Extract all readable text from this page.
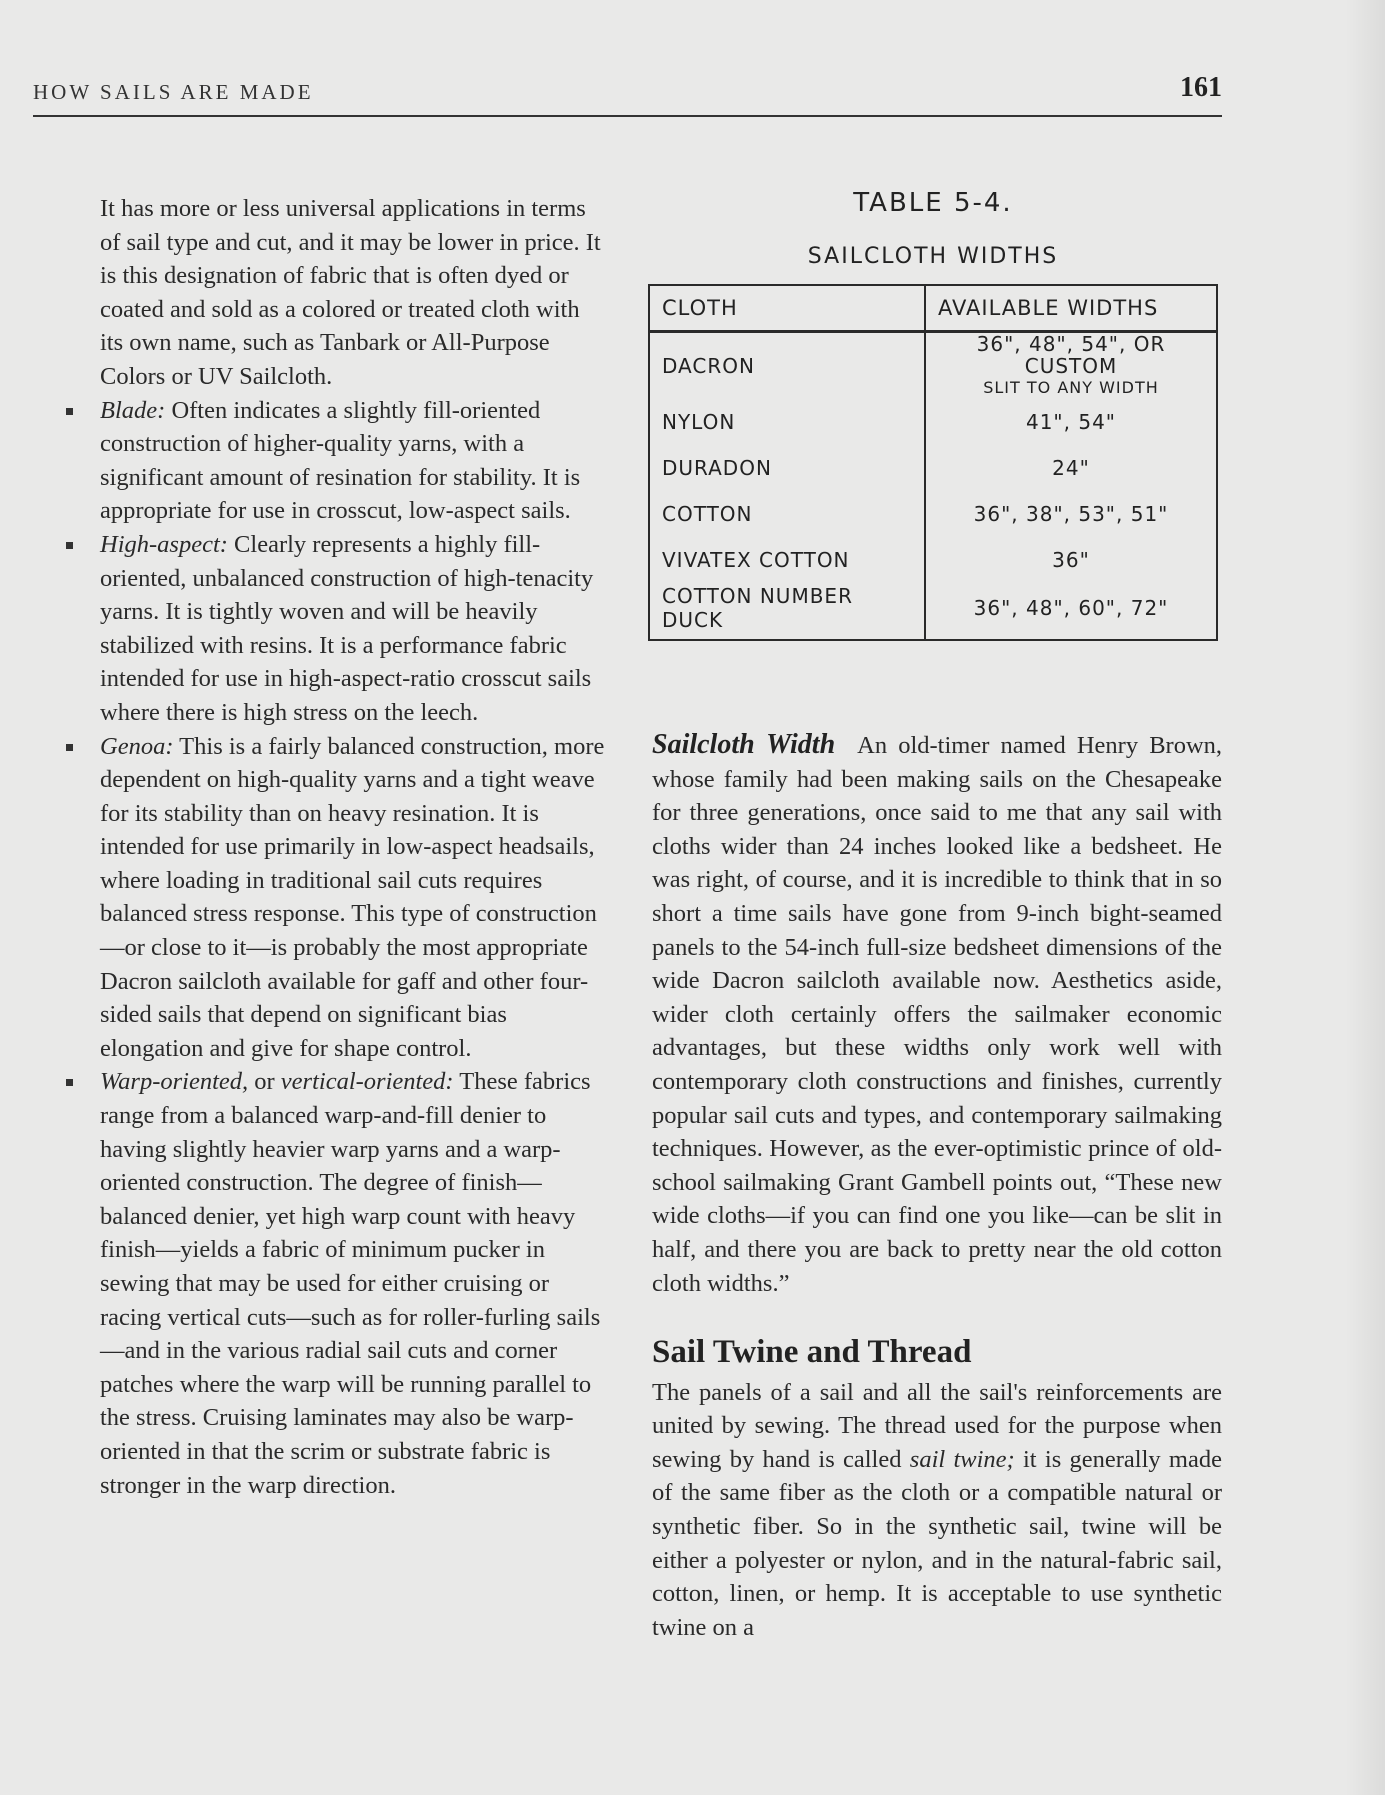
HOW SAILS ARE MADE	161

It has more or less universal applications in terms of sail type and cut, and it may be lower in price. It is this designation of fabric that is often dyed or coated and sold as a colored or treated cloth with its own name, such as Tanbark or All-Purpose Colors or UV Sailcloth.

Blade: Often indicates a slightly fill-oriented construction of higher-quality yarns, with a significant amount of resination for stability. It is appropriate for use in crosscut, low-aspect sails.
High-aspect: Clearly represents a highly fill-oriented, unbalanced construction of high-tenacity yarns. It is tightly woven and will be heavily stabilized with resins. It is a performance fabric intended for use in high-aspect-ratio crosscut sails where there is high stress on the leech.
Genoa: This is a fairly balanced construction, more dependent on high-quality yarns and a tight weave for its stability than on heavy resination. It is intended for use primarily in low-aspect headsails, where loading in traditional sail cuts requires balanced stress response. This type of construction—or close to it—is probably the most appropriate Dacron sailcloth available for gaff and other four-sided sails that depend on significant bias elongation and give for shape control.
Warp-oriented, or vertical-oriented: These fabrics range from a balanced warp-and-fill denier to having slightly heavier warp yarns and a warp-oriented construction. The degree of finish—balanced denier, yet high warp count with heavy finish—yields a fabric of minimum pucker in sewing that may be used for either cruising or racing vertical cuts—such as for roller-furling sails—and in the various radial sail cuts and corner patches where the warp will be running parallel to the stress. Cruising laminates may also be warp-oriented in that the scrim or substrate fabric is stronger in the warp direction.
TABLE 5-4.
SAILCLOTH WIDTHS
CLOTH	AVAILABLE WIDTHS
DACRON	36", 48", 54", OR CUSTOM
SLIT TO ANY WIDTH

NYLON	41", 54"
DURADON	24"
COTTON	36", 38", 53", 51"
VIVATEX COTTON	36"
COTTON NUMBER DUCK	36", 48", 60", 72"

Sailcloth Width An old-timer named Henry Brown, whose family had been making sails on the Chesapeake for three generations, once said to me that any sail with cloths wider than 24 inches looked like a bedsheet. He was right, of course, and it is incredible to think that in so short a time sails have gone from 9-inch bight-seamed panels to the 54-inch full-size bedsheet dimensions of the wide Dacron sailcloth available now. Aesthetics aside, wider cloth certainly offers the sailmaker economic advantages, but these widths only work well with contemporary cloth constructions and finishes, currently popular sail cuts and types, and contemporary sailmaking techniques. However, as the ever-optimistic prince of old-school sailmaking Grant Gambell points out, “These new wide cloths—if you can find one you like—can be slit in half, and there you are back to pretty near the old cotton cloth widths.”

Sail Twine and Thread

The panels of a sail and all the sail's reinforcements are united by sewing. The thread used for the purpose when sewing by hand is called sail twine; it is generally made of the same fiber as the cloth or a compatible natural or synthetic fiber. So in the synthetic sail, twine will be either a polyester or nylon, and in the natural-fabric sail, cotton, linen, or hemp. It is acceptable to use synthetic twine on a
